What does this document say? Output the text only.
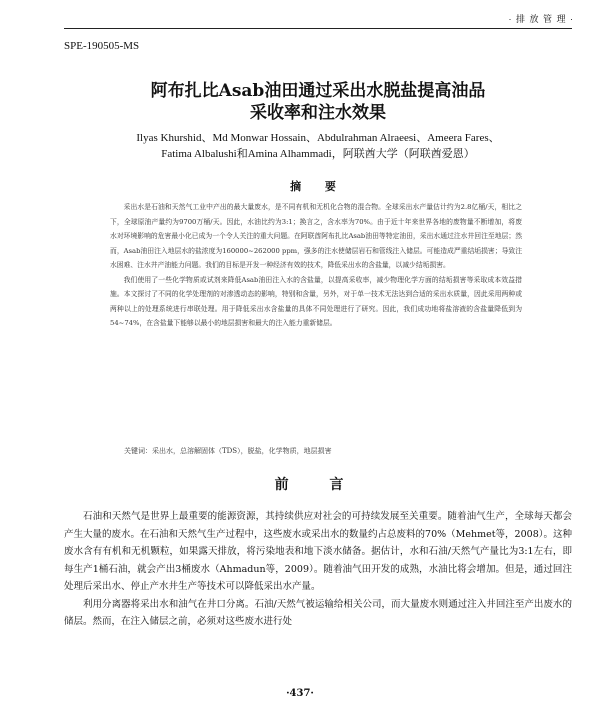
· 排 放 管 理 ·
SPE-190505-MS
阿布扎比Asab油田通过采出水脱盐提高油品
采收率和注水效果
Ilyas Khurshid、Md Monwar Hossain、Abdulrahman Alraeesi、Ameera Fares、
Fatima Albalushi和Amina Alhammadi，阿联酋大学（阿联酋爱恩）
摘 要

采出水是石油和天然气工业中产出的最大量废水，是不同有机和无机化合物的混合物。全球采出水产量估计约为2.8亿桶/天，相比之下，全球原油产量约为9700万桶/天。因此，水油比约为3:1；换言之，含水率为70%。由于近十年来世界各地的废物量不断增加，将废水对环境影响的危害最小化已成为一个令人关注的重大问题。在阿联酋阿布扎比Asab油田等特定油田，采出水通过注水井回注至地层；然而，Asab油田注入地层水的盐浓度为160000~262000 ppm，强多的注水使储层岩石和管线注入储层。可能造成严重结垢损害；导致注水困难、注水井产油能力问题。我们的目标是开发一种经济有效的技术，降低采出水的含盐量，以减少结垢损害。

我们使用了一些化学物质或试剂来降低Asab油田注入水的含盐量，以提高采收率，减少物理化学方面的结垢损害等采取成本效益措施。本文探讨了不同的化学处理剂的对渗透动态的影响，特别和含量，另外，对于单一技术无法达到合适的采出水质量，因此采用两种或两种以上的处理系统进行串联处理。用于降低采出水含盐量的具体不同处理进行了研究。因此，我们成功地将盐溶液的含盐量降低到为54~74%，在含盐量下能够以最小的地层损害和最大的注入能力重新储层。

关键词：采出水，总溶解固体（TDS），脱盐，化学物质，地层损害
前 言

石油和天然气是世界上最重要的能源资源，其持续供应对社会的可持续发展至关重要。随着油气生产，全球每天都会产生大量的废水。在石油和天然气生产过程中，这些废水或采出水的数量约占总废料的70%（Mehmet等，2008）。这种废水含有有机和无机颗粒，如果露天排放，将污染地表和地下淡水储备。据估计，水和石油/天然气产量比为3:1左右，即每生产1桶石油，就会产出3桶废水（Ahmadun等，2009）。随着油气田开发的成熟，水油比将会增加。但是，通过回注处理后采出水、停止产水井生产等技术可以降低采出水产量。

利用分离器将采出水和油气在井口分离。石油/天然气被运输给相关公司，而大量废水则通过注入井回注至产出废水的储层。然而，在注入储层之前，必须对这些废水进行处

·437·
